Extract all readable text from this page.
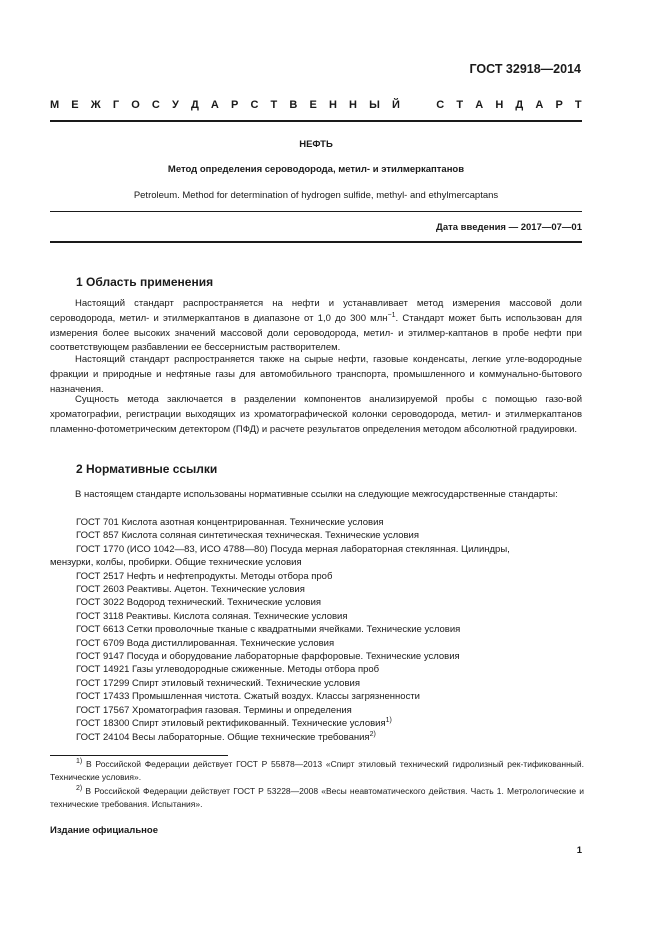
ГОСТ 32918—2014
М Е Ж Г О С У Д А Р С Т В Е Н Н Ы Й	С Т А Н Д А Р Т
НЕФТЬ
Метод определения сероводорода, метил- и этилмеркаптанов
Petroleum. Method for determination of hydrogen sulfide, methyl- and ethylmercaptans
Дата введения — 2017—07—01
1 Область применения

Настоящий стандарт распространяется на нефти и устанавливает метод измерения массовой доли сероводорода, метил- и этилмеркаптанов в диапазоне от 1,0 до 300 млн$^{-1}$. Стандарт может быть использован для измерения более высоких значений массовой доли сероводорода, метил- и этилмер-каптанов в пробе нефти при соответствующем разбавлении ее бессернистым растворителем.

Настоящий стандарт распространяется также на сырые нефти, газовые конденсаты, легкие угле-водородные фракции и природные и нефтяные газы для автомобильного транспорта, промышленного и коммунально-бытового назначения.

Сущность метода заключается в разделении компонентов анализируемой пробы с помощью газо-вой хроматографии, регистрации выходящих из хроматографической колонки сероводорода, метил- и этилмеркаптанов пламенно-фотометрическим детектором (ПФД) и расчете результатов определения методом абсолютной градуировки.

2 Нормативные ссылки

В настоящем стандарте использованы нормативные ссылки на следующие межгосударственные стандарты:

ГОСТ 701 Кислота азотная концентрированная. Технические условия
ГОСТ 857 Кислота соляная синтетическая техническая. Технические условия
ГОСТ 1770 (ИСО 1042—83, ИСО 4788—80) Посуда мерная лабораторная стеклянная. Цилиндры,
мензурки, колбы, пробирки. Общие технические условия
ГОСТ 2517 Нефть и нефтепродукты. Методы отбора проб
ГОСТ 2603 Реактивы. Ацетон. Технические условия
ГОСТ 3022 Водород технический. Технические условия
ГОСТ 3118 Реактивы. Кислота соляная. Технические условия
ГОСТ 6613 Сетки проволочные тканые с квадратными ячейками. Технические условия
ГОСТ 6709 Вода дистиллированная. Технические условия
ГОСТ 9147 Посуда и оборудование лабораторные фарфоровые. Технические условия
ГОСТ 14921 Газы углеводородные сжиженные. Методы отбора проб
ГОСТ 17299 Спирт этиловый технический. Технические условия
ГОСТ 17433 Промышленная чистота. Сжатый воздух. Классы загрязненности
ГОСТ 17567 Хроматография газовая. Термины и определения
ГОСТ 18300 Спирт этиловый ректификованный. Технические условия$^{1)}$
ГОСТ 24104 Весы лабораторные. Общие технические требования$^{2)}$
$^{1)}$ В Российской Федерации действует ГОСТ Р 55878—2013 «Спирт этиловый технический гидролизный рек-тификованный. Технические условия».
$^{2)}$ В Российской Федерации действует ГОСТ Р 53228—2008 «Весы неавтоматического действия. Часть 1. Метрологические и технические требования. Испытания».
Издание официальное
1
